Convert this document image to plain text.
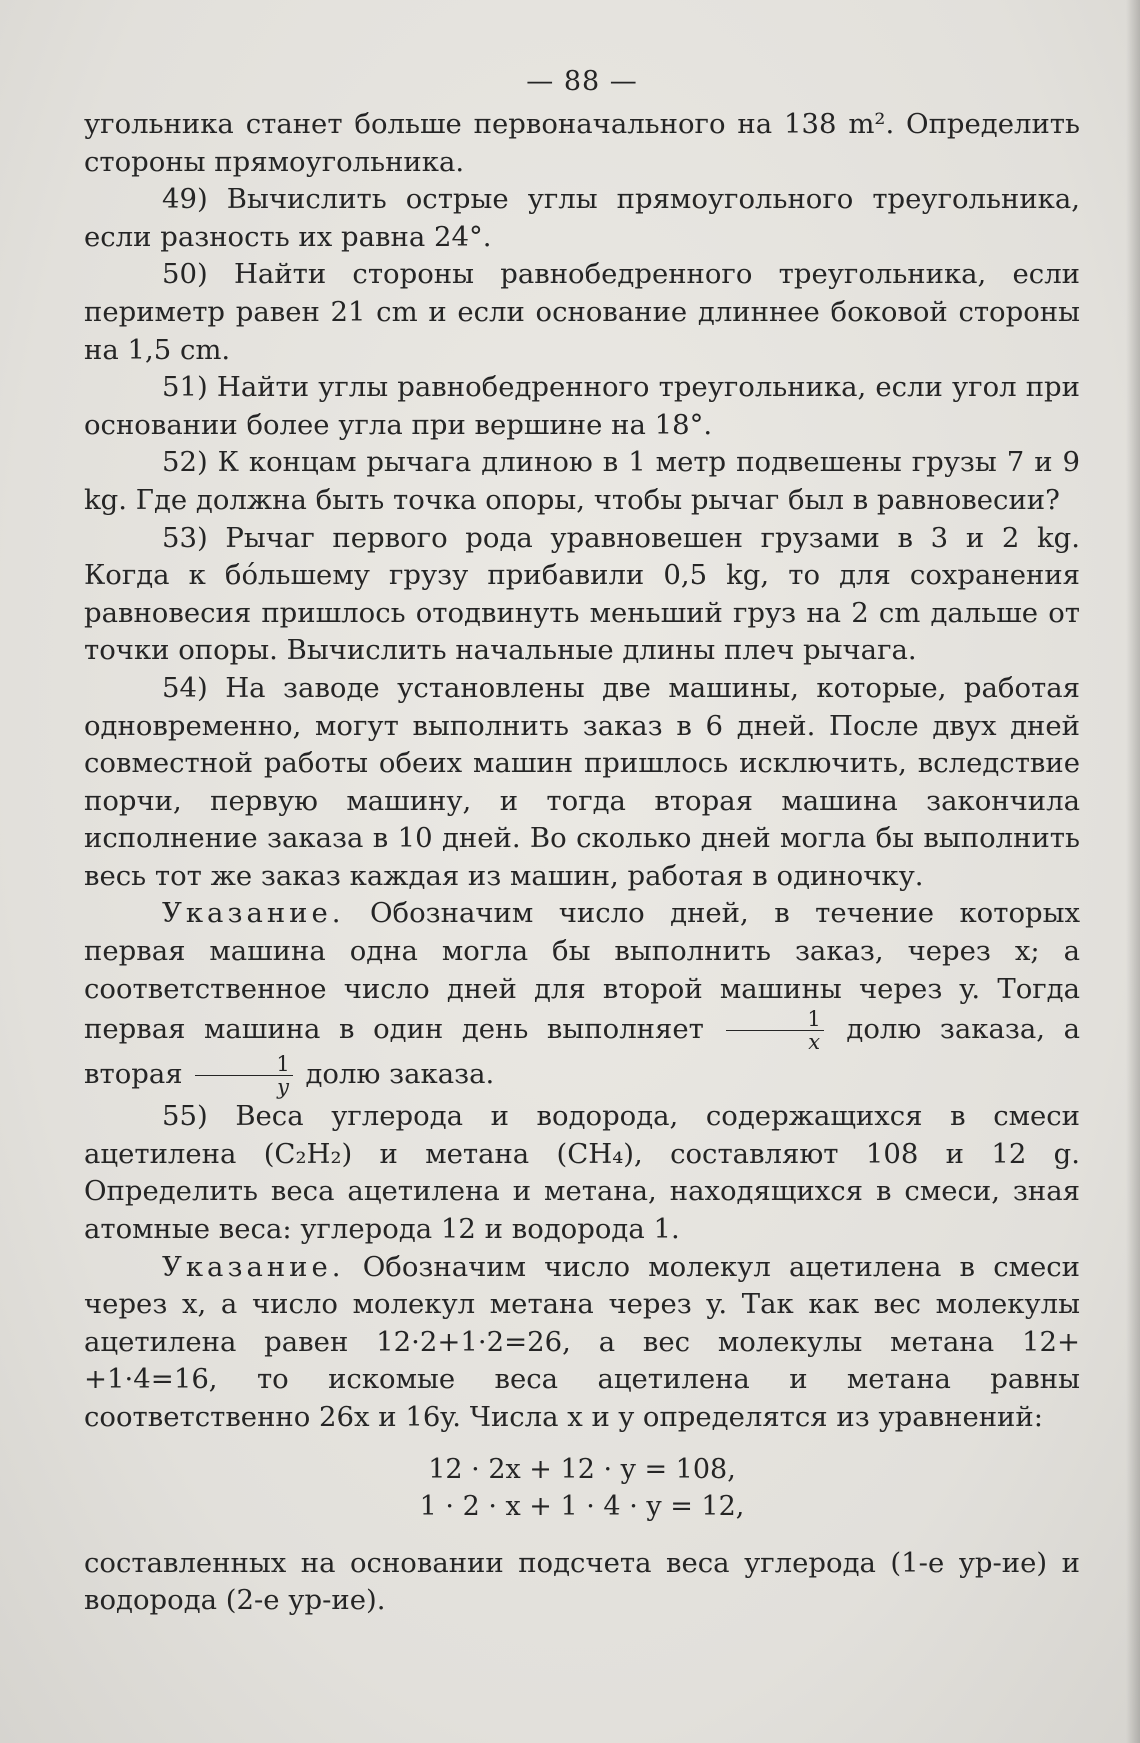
— 88 —

угольника станет больше первоначального на 138 m². Определить стороны прямоугольника.

49) Вычислить острые углы прямоугольного треугольника, если разность их равна 24°.

50) Найти стороны равнобедренного треугольника, если периметр равен 21 cm и если основание длиннее боковой стороны на 1,5 cm.

51) Найти углы равнобедренного треугольника, если угол при основании более угла при вершине на 18°.

52) К концам рычага длиною в 1 метр подвешены грузы 7 и 9 kg. Где должна быть точка опоры, чтобы рычаг был в равновесии?

53) Рычаг первого рода уравновешен грузами в 3 и 2 kg. Когда к бо́льшему грузу прибавили 0,5 kg, то для сохранения равновесия пришлось отодвинуть меньший груз на 2 cm дальше от точки опоры. Вычислить начальные длины плеч рычага.

54) На заводе установлены две машины, которые, работая одновременно, могут выполнить заказ в 6 дней. После двух дней совместной работы обеих машин пришлось исключить, вследствие порчи, первую машину, и тогда вторая машина закончила исполнение заказа в 10 дней. Во сколько дней могла бы выполнить весь тот же заказ каждая из машин, работая в одиночку.

Указание. Обозначим число дней, в течение которых первая машина одна могла бы выполнить заказ, через x; а соответственное число дней для второй машины через y. Тогда первая машина в один день выполняет $\frac{1}{x}$ долю заказа, а вторая $\frac{1}{y}$ долю заказа.

55) Веса углерода и водорода, содержащихся в смеси ацетилена (C₂H₂) и метана (CH₄), составляют 108 и 12 g. Определить веса ацетилена и метана, находящихся в смеси, зная атомные веса: углерода 12 и водорода 1.

Указание. Обозначим число молекул ацетилена в смеси через x, а число молекул метана через y. Так как вес молекулы ацетилена равен 12·2+1·2=26, а вес молекулы метана 12+ +1·4=16, то искомые веса ацетилена и метана равны соответственно 26x и 16y. Числа x и y определятся из уравнений:

12 · 2x + 12 · y = 108,
1 · 2 · x + 1 · 4 · y = 12,

составленных на основании подсчета веса углерода (1-е ур-ие) и водорода (2-е ур-ие).
